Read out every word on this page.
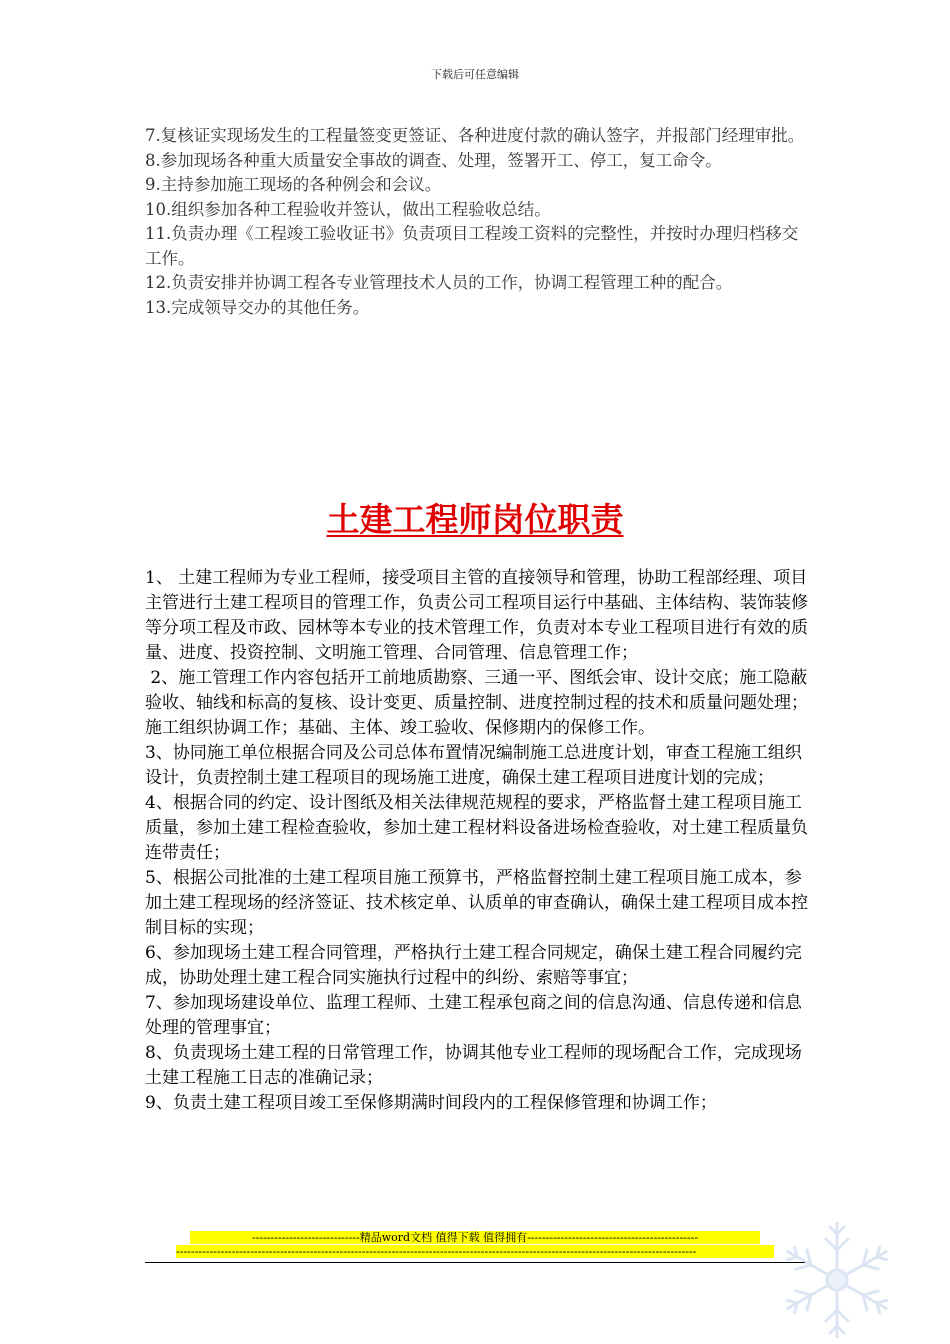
下载后可任意编辑

7.复核证实现场发生的工程量签变更签证、各种进度付款的确认签字，并报部门经理审批。

8.参加现场各种重大质量安全事故的调查、处理，签署开工、停工，复工命令。

9.主持参加施工现场的各种例会和会议。

10.组织参加各种工程验收并签认，做出工程验收总结。

11.负责办理《工程竣工验收证书》负责项目工程竣工资料的完整性，并按时办理归档移交工作。

12.负责安排并协调工程各专业管理技术人员的工作，协调工程管理工种的配合。

13.完成领导交办的其他任务。

土建工程师岗位职责

1、 土建工程师为专业工程师，接受项目主管的直接领导和管理，协助工程部经理、项目主管进行土建工程项目的管理工作，负责公司工程项目运行中基础、主体结构、装饰装修等分项工程及市政、园林等本专业的技术管理工作，负责对本专业工程项目进行有效的质量、进度、投资控制、文明施工管理、合同管理、信息管理工作；

2、施工管理工作内容包括开工前地质勘察、三通一平、图纸会审、设计交底；施工隐蔽验收、轴线和标高的复核、设计变更、质量控制、进度控制过程的技术和质量问题处理；施工组织协调工作；基础、主体、竣工验收、保修期内的保修工作。

3、协同施工单位根据合同及公司总体布置情况编制施工总进度计划，审查工程施工组织设计，负责控制土建工程项目的现场施工进度，确保土建工程项目进度计划的完成；

4、根据合同的约定、设计图纸及相关法律规范规程的要求，严格监督土建工程项目施工质量，参加土建工程检查验收，参加土建工程材料设备进场检查验收，对土建工程质量负连带责任；

5、根据公司批准的土建工程项目施工预算书，严格监督控制土建工程项目施工成本，参加土建工程现场的经济签证、技术核定单、认质单的审查确认，确保土建工程项目成本控制目标的实现；

6、参加现场土建工程合同管理，严格执行土建工程合同规定，确保土建工程合同履约完成，协助处理土建工程合同实施执行过程中的纠纷、索赔等事宜；

7、参加现场建设单位、监理工程师、土建工程承包商之间的信息沟通、信息传递和信息处理的管理事宜；

8、负责现场土建工程的日常管理工作，协调其他专业工程师的现场配合工作，完成现场土建工程施工日志的准确记录；

9、负责土建工程项目竣工至保修期满时间段内的工程保修管理和协调工作；

-----------------------------精品word文档 值得下载 值得拥有----------------------------------------------
--------------------------------------------------------------------------------------------------------------------------------------------
